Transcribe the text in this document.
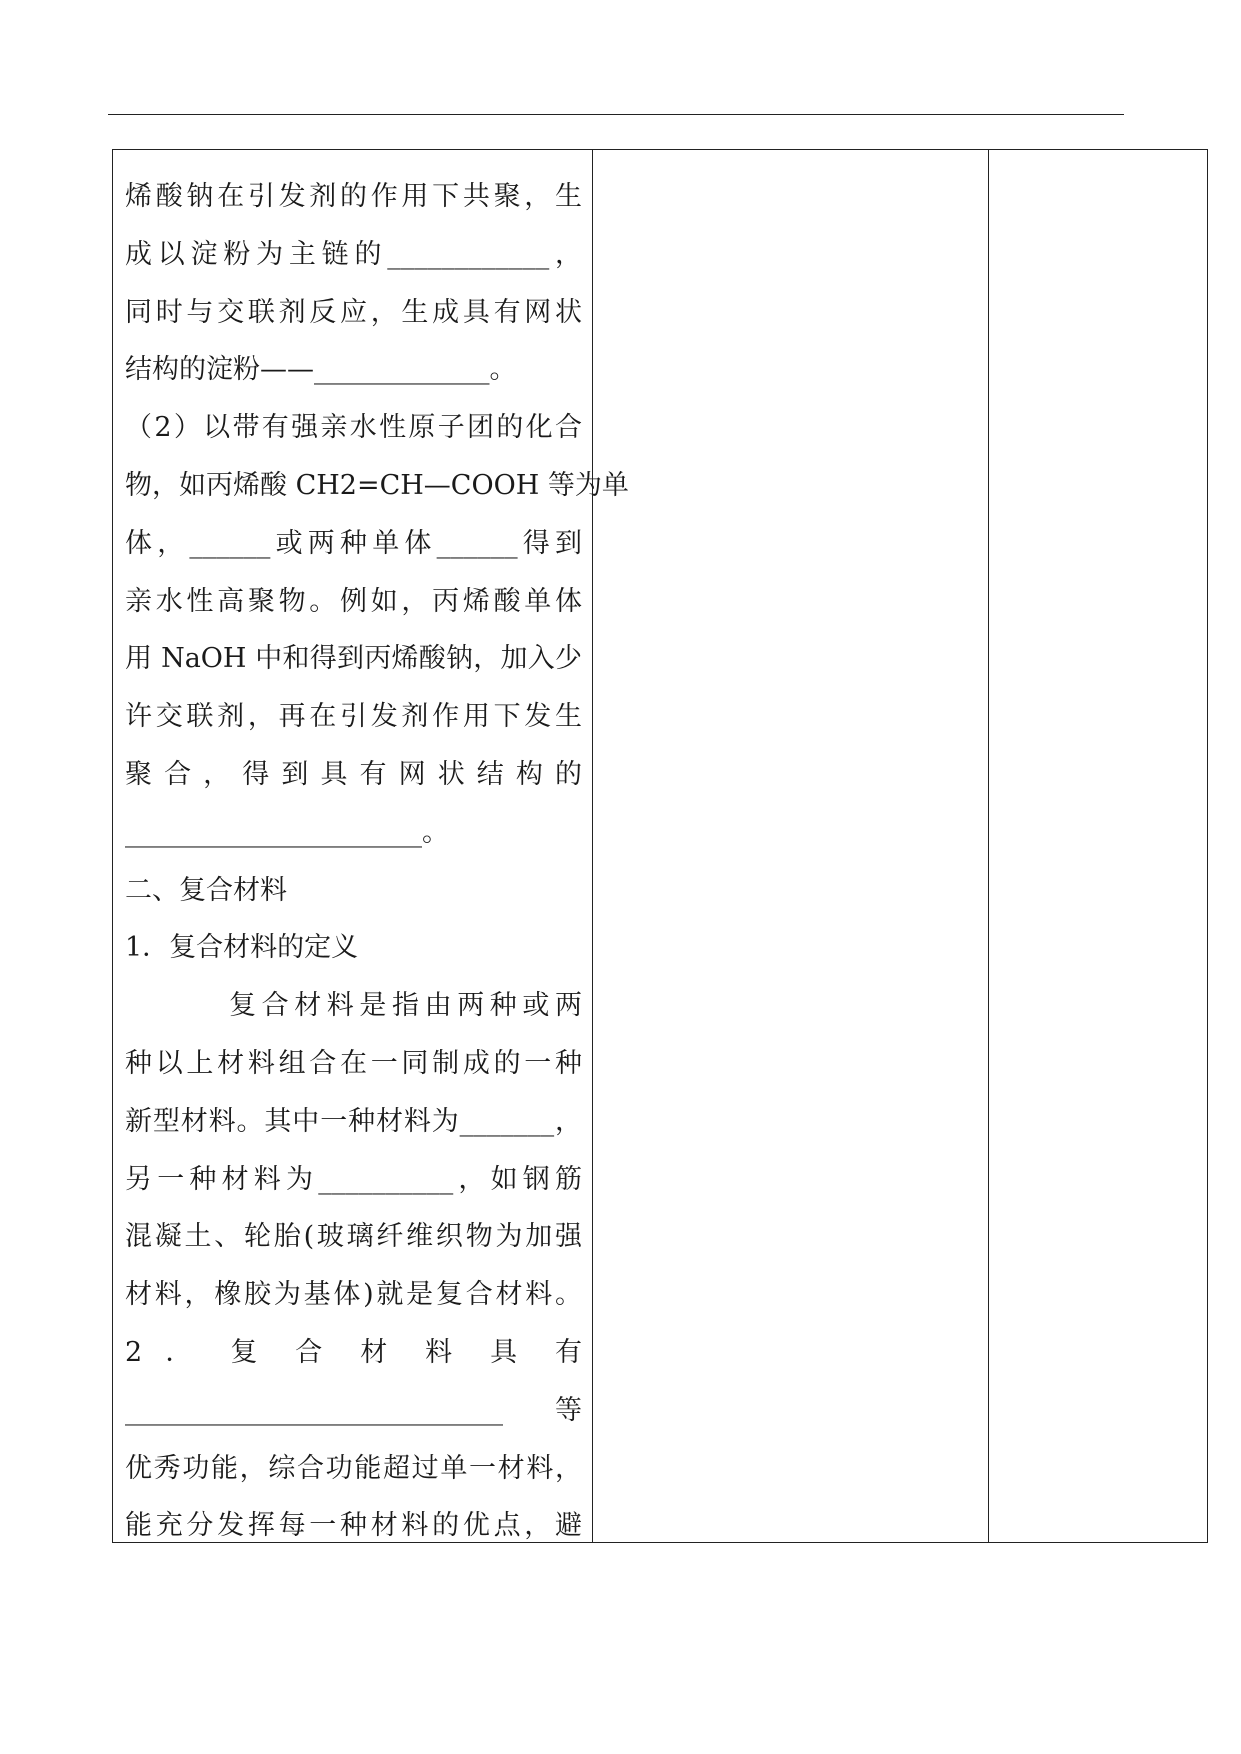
烯酸钠在引发剂的作用下共聚，生
成以淀粉为主链的____________，
同时与交联剂反应，生成具有网状
结构的淀粉——_____________。
（2）以带有强亲水性原子团的化合
物，如丙烯酸 CH2=CH—COOH 等为单
体，______或两种单体______得到
亲水性高聚物。例如，丙烯酸单体
用 NaOH 中和得到丙烯酸钠，加入少
许交联剂，再在引发剂作用下发生
聚 合 ， 得 到 具 有 网 状 结 构 的
______________________。
二、复合材料
1．复合材料的定义
复合材料是指由两种或两
种以上材料组合在一同制成的一种
新型材料。其中一种材料为_______，
另一种材料为__________，如钢筋
混凝土、轮胎(玻璃纤维织物为加强
材料，橡胶为基体)就是复合材料。
2 ． 复 合 材 料 具 有
____________________________ 等
优秀功能，综合功能超过单一材料，
能充分发挥每一种材料的优点，避
